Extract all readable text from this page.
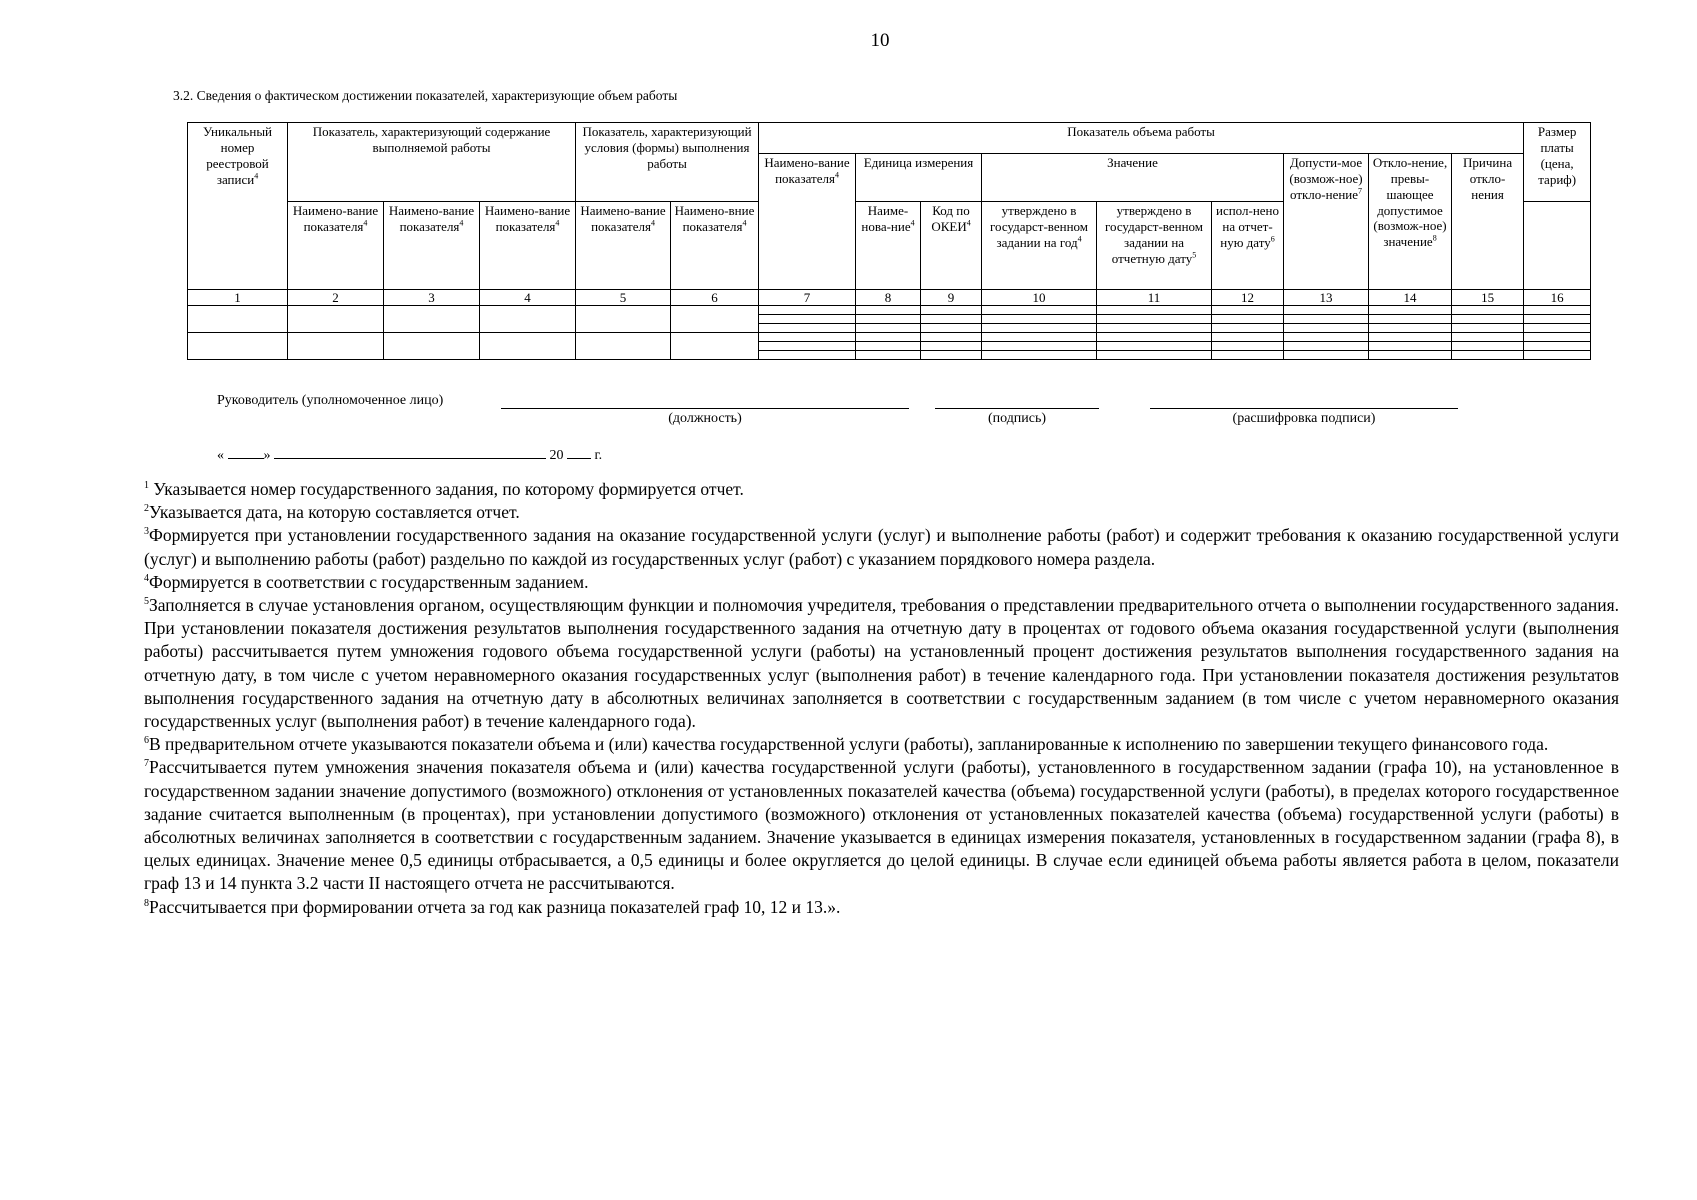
10
3.2. Сведения о фактическом достижении показателей, характеризующие объем работы
Уникальный номер реестровой записи$^4$	Показатель, характеризующий содержание выполняемой работы			Показатель, характеризующий условия (формы) выполнения работы		Показатель объема работы									Размер платы (цена, тариф)
						Наимено-вание показателя$^4$	Единица измерения		Значение			Допусти-мое (возмож-ное) откло-нение$^7$	Откло-нение, превы-шающее допустимое (возмож-ное) значение$^8$	Причина откло-нения	
	Наимено-вание показателя$^4$	Наимено-вание показателя$^4$	Наимено-вание показателя$^4$	Наимено-вание показателя$^4$	Наимено-вние показателя$^4$		Наиме-нова-ние$^4$	Код по ОКЕИ$^4$	утверждено в государст-венном задании на год$^4$	утверждено в государст-венном задании на отчетную дату$^5$	испол-нено на отчет-ную дату$^6$	
1	2	3	4	5	6	7	8	9	10	11	12	13	14	15	16

Руководитель (уполномоченное лицо)
(должность)	(подпись)	(расшифровка подписи)
«	»	20 г.

$^1$ Указывается номер государственного задания, по которому формируется отчет.

$^2$Указывается дата, на которую составляется отчет.

$^3$Формируется при установлении государственного задания на оказание государственной услуги (услуг) и выполнение работы (работ) и содержит требования к оказанию государственной услуги (услуг) и выполнению работы (работ) раздельно по каждой из государственных услуг (работ) с указанием порядкового номера раздела.

$^4$Формируется в соответствии с государственным заданием.

$^5$Заполняется в случае установления органом, осуществляющим функции и полномочия учредителя, требования о представлении предварительного отчета о выполнении государственного задания. При установлении показателя достижения результатов выполнения государственного задания на отчетную дату в процентах от годового объема оказания государственной услуги (выполнения работы) рассчитывается путем умножения годового объема государственной услуги (работы) на установленный процент достижения результатов выполнения государственного задания на отчетную дату, в том числе с учетом неравномерного оказания государственных услуг (выполнения работ) в течение календарного года. При установлении показателя достижения результатов выполнения государственного задания на отчетную дату в абсолютных величинах заполняется в соответствии с государственным заданием (в том числе с учетом неравномерного оказания государственных услуг (выполнения работ) в течение календарного года).

$^6$В предварительном отчете указываются показатели объема и (или) качества государственной услуги (работы), запланированные к исполнению по завершении текущего финансового года.

$^7$Рассчитывается путем умножения значения показателя объема и (или) качества государственной услуги (работы), установленного в государственном задании (графа 10), на установленное в государственном задании значение допустимого (возможного) отклонения от установленных показателей качества (объема) государственной услуги (работы), в пределах которого государственное задание считается выполненным (в процентах), при установлении допустимого (возможного) отклонения от установленных показателей качества (объема) государственной услуги (работы) в абсолютных величинах заполняется в соответствии с государственным заданием. Значение указывается в единицах измерения показателя, установленных в государственном задании (графа 8), в целых единицах. Значение менее 0,5 единицы отбрасывается, а 0,5 единицы и более округляется до целой единицы. В случае если единицей объема работы является работа в целом, показатели граф 13 и 14 пункта 3.2 части II настоящего отчета не рассчитываются.

$^8$Рассчитывается при формировании отчета за год как разница показателей граф 10, 12 и 13.».
